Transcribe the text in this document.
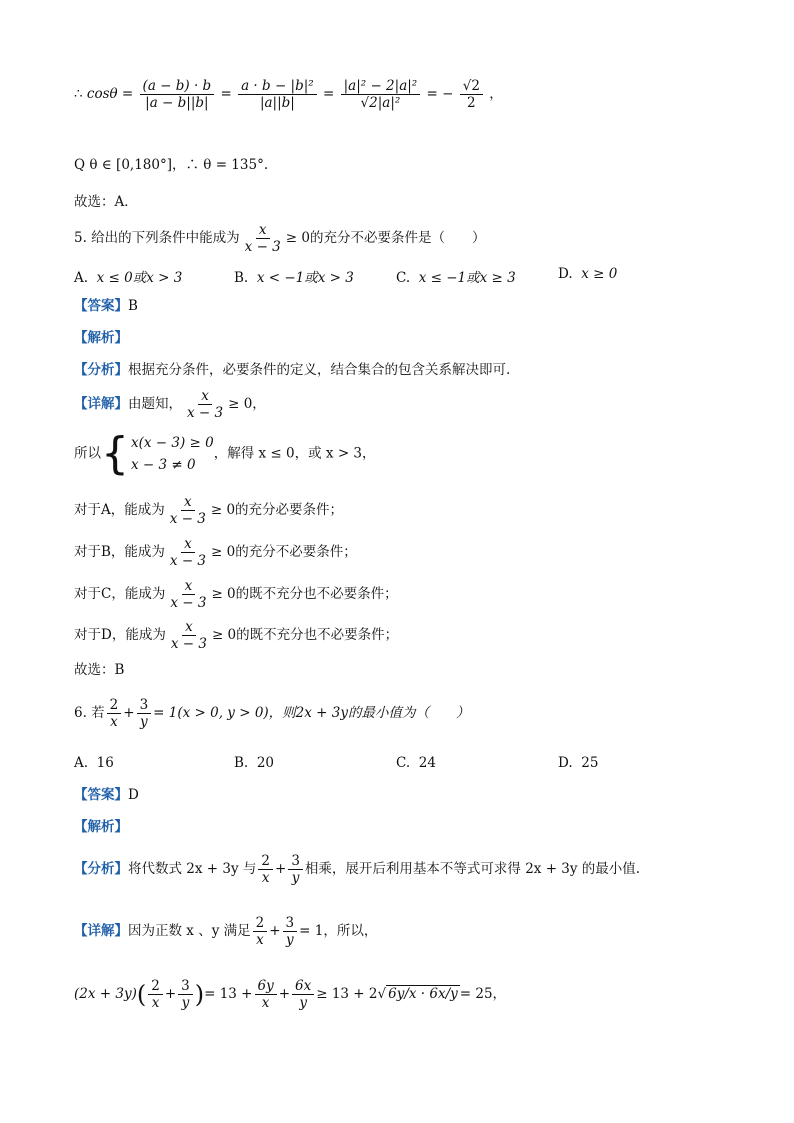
∴ $\cos\theta = \frac{(a - b) \cdot b}{|a - b||b|} = \frac{\text{a · b − |b|²}}{|a||b|} = \frac{\text{|a|² − 2|a|²}}{\text{√2|a|²}}$ = − $\frac{√2}{2}$ ，
Q θ ∈ [0,180°]，∴ θ = 135°.
故选：A．
5. 给出的下列条件中能成为 $\frac{x}{x - 3} \ge 0$的充分不必要条件是（　　）
A. x ≤ 0或x > 3	B. x < −1或x > 3	C. x ≤ −1或x ≥ 3	D. x ≥ 0
【答案】B
【解析】
【分析】根据充分条件，必要条件的定义，结合集合的包含关系解决即可.
【详解】由题知， $\frac{x}{x - 3} \ge 0$，
所以{ x(x − 3) ≥ 0
x − 3 ≠ 0
，解得 x ≤ 0，或 x > 3，
对于A，能成为 $\frac{x}{x - 3} \ge 0$的充分必要条件；
对于B，能成为 $\frac{x}{x - 3} \ge 0$的充分不必要条件；
对于C，能成为 $\frac{x}{x - 3} \ge 0$的既不充分也不必要条件；
对于D，能成为 $\frac{x}{x - 3} \ge 0$的既不充分也不必要条件；
故选：B
6. 若 $\frac{2}{x} + \frac{3}{y} = 1(x > 0$, y > 0)，则2x + 3y的最小值为（　　）
A. 16	B. 20	C. 24	D. 25
【答案】D
【解析】
【分析】将代数式 2x + 3y 与 $\frac{2}{x} + \frac{3}{y}$ 相乘，展开后利用基本不等式可求得 2x + 3y 的最小值.
【详解】因为正数 x 、y 满足 $\frac{2}{x} + \frac{3}{y} = 1$，所以，
$(2x + 3y)( \frac{2}{x} + \frac{3}{y}$ )= $13 + \frac{6y}{x} + \frac{6x}{y} \ge 13 + 2√$ 6y/x · 6x/y = 25，
